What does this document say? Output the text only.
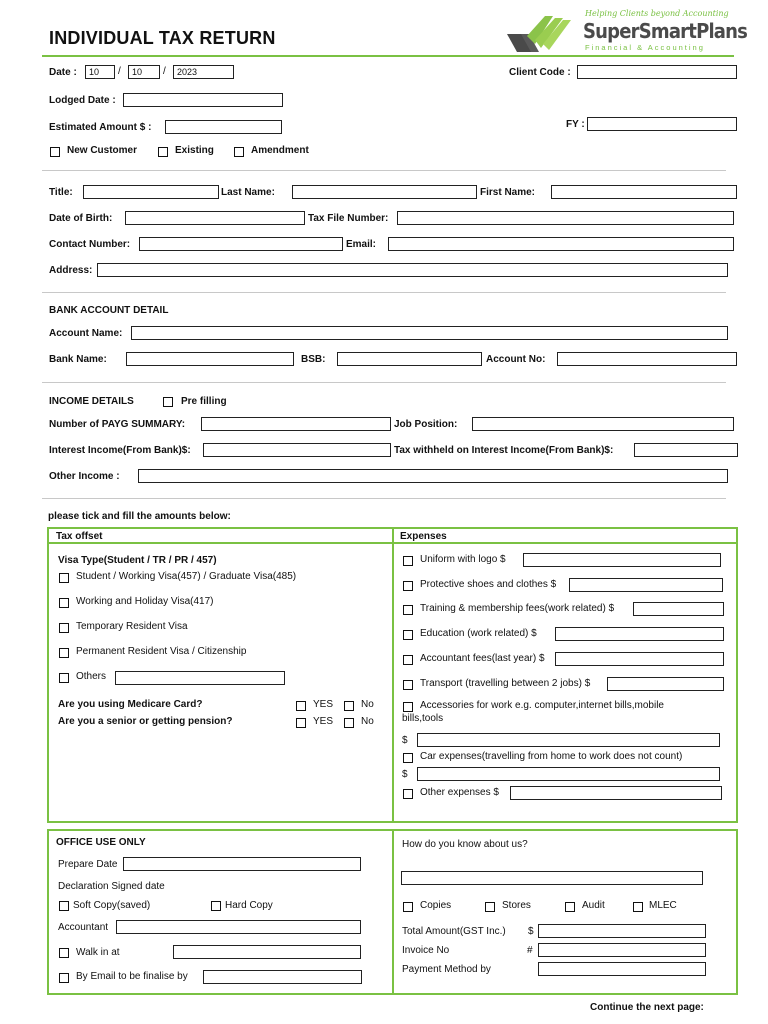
INDIVIDUAL TAX RETURN
Helping Clients beyond Accounting
SuperSmartPlans
Financial & Accounting
Date :	10	/	10	/	2023	Client Code :
Lodged Date :
Estimated Amount $ :	FY :
New Customer	Existing	Amendment
Title:	Last Name:	First Name:
Date of Birth:	Tax File Number:
Contact Number:	Email:
Address:
BANK ACCOUNT DETAIL
Account Name:
Bank Name:	BSB:	Account No:
INCOME DETAILS	Pre filling
Number of PAYG SUMMARY:	Job Position:
Interest Income(From Bank)$:	Tax withheld on Interest Income(From Bank)$:
Other Income :
please tick and fill the amounts below:
Tax offset	Expenses
Visa Type(Student / TR / PR / 457)
Student / Working Visa(457) / Graduate Visa(485)
Working and Holiday Visa(417)
Temporary Resident Visa
Permanent Resident Visa / Citizenship
Others
Are you using Medicare Card?	YES	No
Are you a senior or getting pension?	YES	No
Uniform with logo $
Protective shoes and clothes $
Training & membership fees(work related) $
Education (work related) $
Accountant fees(last year) $
Transport (travelling between 2 jobs) $
Accessories for work e.g. computer,internet bills,mobile
bills,tools
$
Car expenses(travelling from home to work does not count)
$
Other expenses $
OFFICE USE ONLY
Prepare Date
Declaration Signed date
Soft Copy(saved)	Hard Copy
Accountant
Walk in at
By Email to be finalise by
How do you know about us?
Copies	Stores	Audit	MLEC
Total Amount(GST Inc.) $
Invoice No	#
Payment Method by
Continue the next page:
